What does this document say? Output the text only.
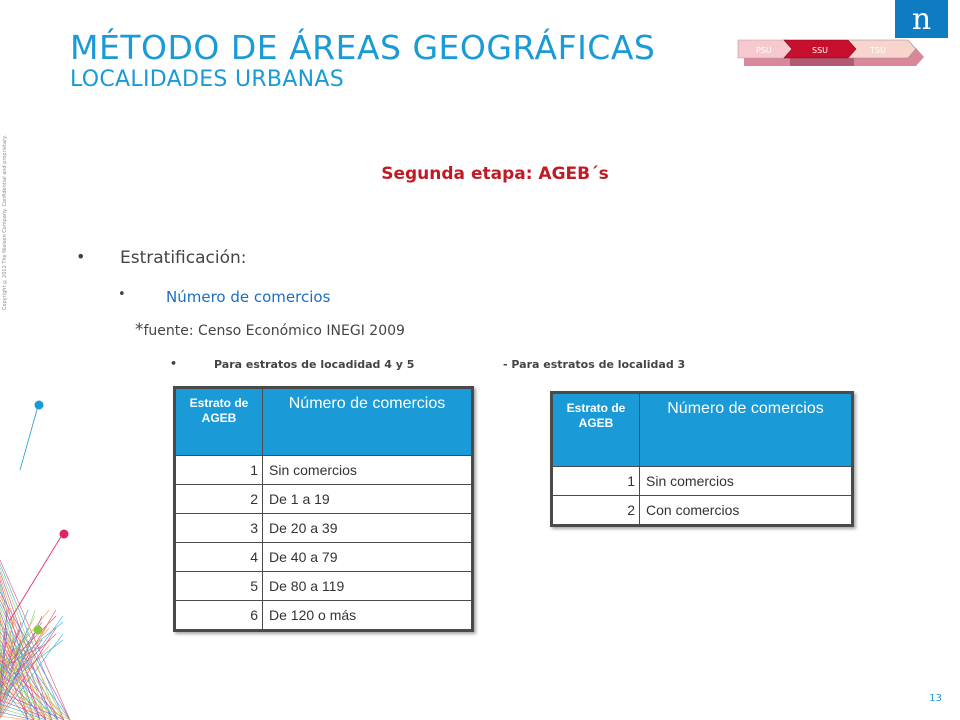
Copyright ©2012 The Nielsen Company. Confidential and proprietary.
MÉTODO DE ÁREAS GEOGRÁFICAS
LOCALIDADES URBANAS
n
PSU	TSU
SSU
Segunda etapa: AGEB´s
• Estratificación:
•	Número de comercios
*fuente: Censo Económico INEGI 2009
•	Para estratos de locadidad 4 y 5	- Para estratos de localidad 3
Estrato de AGEB	Número de comercios
1	Sin comercios
2	De 1 a 19
3	De 20 a 39
4	De 40 a 79
5	De 80 a 119
6	De 120 o más
Estrato de AGEB	Número de comercios
1	Sin comercios
2	Con comercios
13
